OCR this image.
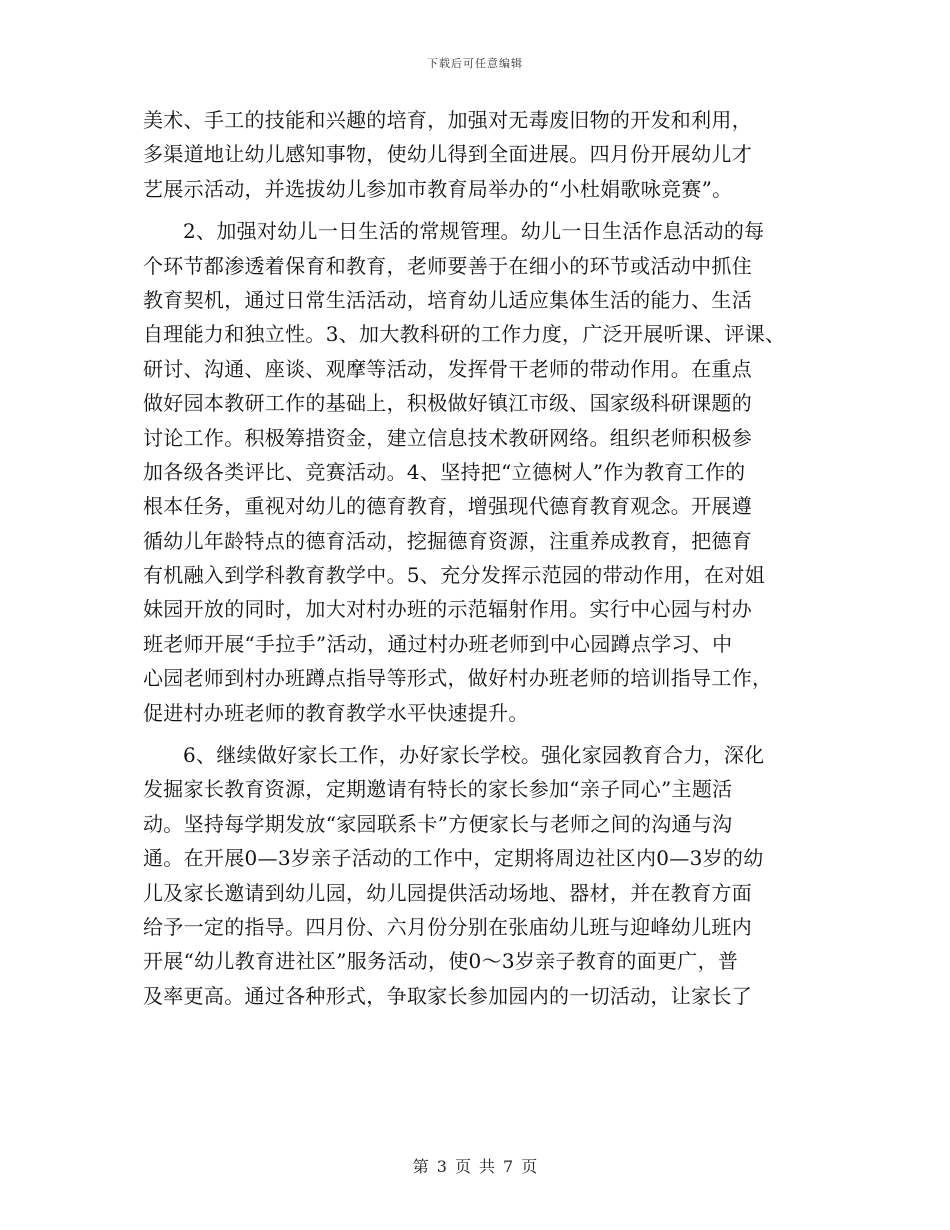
下载后可任意编辑
美术、手工的技能和兴趣的培育，加强对无毒废旧物的开发和利用，
多渠道地让幼儿感知事物，使幼儿得到全面进展。四月份开展幼儿才
艺展示活动，并选拔幼儿参加市教育局举办的“小杜娟歌咏竞赛”。
2、加强对幼儿一日生活的常规管理。幼儿一日生活作息活动的每
个环节都渗透着保育和教育，老师要善于在细小的环节或活动中抓住
教育契机，通过日常生活活动，培育幼儿适应集体生活的能力、生活
自理能力和独立性。3、加大教科研的工作力度，广泛开展听课、评课、
研讨、沟通、座谈、观摩等活动，发挥骨干老师的带动作用。在重点
做好园本教研工作的基础上，积极做好镇江市级、国家级科研课题的
讨论工作。积极筹措资金，建立信息技术教研网络。组织老师积极参
加各级各类评比、竞赛活动。4、坚持把“立德树人”作为教育工作的
根本任务，重视对幼儿的德育教育，增强现代德育教育观念。开展遵
循幼儿年龄特点的德育活动，挖掘德育资源，注重养成教育，把德育
有机融入到学科教育教学中。5、充分发挥示范园的带动作用，在对姐
妹园开放的同时，加大对村办班的示范辐射作用。实行中心园与村办
班老师开展“手拉手”活动，通过村办班老师到中心园蹲点学习、中
心园老师到村办班蹲点指导等形式，做好村办班老师的培训指导工作，
促进村办班老师的教育教学水平快速提升。
6、继续做好家长工作，办好家长学校。强化家园教育合力，深化
发掘家长教育资源，定期邀请有特长的家长参加“亲子同心”主题活
动。坚持每学期发放“家园联系卡”方便家长与老师之间的沟通与沟
通。在开展0—3岁亲子活动的工作中，定期将周边社区内0—3岁的幼
儿及家长邀请到幼儿园，幼儿园提供活动场地、器材，并在教育方面
给予一定的指导。四月份、六月份分别在张庙幼儿班与迎峰幼儿班内
开展“幼儿教育进社区”服务活动，使0～3岁亲子教育的面更广，普
及率更高。通过各种形式，争取家长参加园内的一切活动，让家长了
第 3 页 共 7 页
